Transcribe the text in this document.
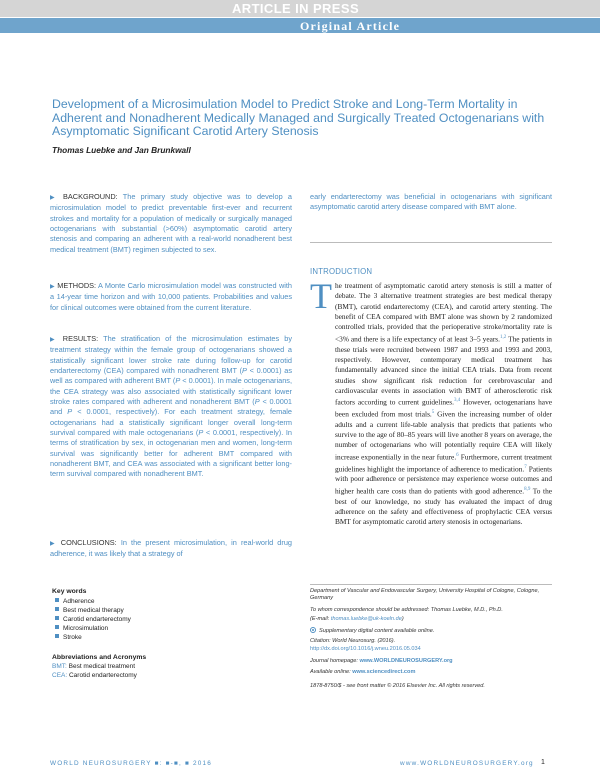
ARTICLE IN PRESS
Original Article
Development of a Microsimulation Model to Predict Stroke and Long-Term Mortality in Adherent and Nonadherent Medically Managed and Surgically Treated Octogenarians with Asymptomatic Significant Carotid Artery Stenosis
Thomas Luebke and Jan Brunkwall
▶ BACKGROUND: The primary study objective was to develop a microsimulation model to predict preventable first-ever and recurrent strokes and mortality for a population of medically or surgically managed octogenarians with substantial (>60%) asymptomatic carotid artery stenosis and comparing an adherent with a real-world nonadherent best medical treatment (BMT) regimen subjected to sex.
▶ METHODS: A Monte Carlo microsimulation model was constructed with a 14-year time horizon and with 10,000 patients. Probabilities and values for clinical outcomes were obtained from the current literature.
▶ RESULTS: The stratification of the microsimulation estimates by treatment strategy within the female group of octogenarians showed a statistically significant lower stroke rate during follow-up for carotid endarterectomy (CEA) compared with nonadherent BMT (P < 0.0001) as well as compared with adherent BMT (P < 0.0001). In male octogenarians, the CEA strategy was also associated with statistically significant lower stroke rates compared with adherent and nonadherent BMT (P < 0.0001 and P < 0.0001, respectively). For each treatment strategy, female octogenarians had a statistically significant longer overall long-term survival compared with male octogenarians (P < 0.0001, respectively). In terms of stratification by sex, in octogenarian men and women, long-term survival was significantly better for adherent BMT compared with nonadherent BMT, and CEA was associated with a significant better long-term survival compared with nonadherent BMT.
▶ CONCLUSIONS: In the present microsimulation, in real-world drug adherence, it was likely that a strategy of
early endarterectomy was beneficial in octogenarians with significant asymptomatic carotid artery disease compared with BMT alone.
INTRODUCTION
T he treatment of asymptomatic carotid artery stenosis is still a matter of debate. The 3 alternative treatment strategies are best medical therapy (BMT), carotid endarterectomy (CEA), and carotid artery stenting. The benefit of CEA compared with BMT alone was shown by 2 randomized controlled trials, provided that the perioperative stroke/mortality rate is <3% and there is a life expectancy of at least 3–5 years.$^{1,2}$ The patients in these trials were recruited between 1987 and 1993 and 1993 and 2003, respectively. However, contemporary medical treatment has fundamentally advanced since the initial CEA trials. Data from recent studies show significant risk reduction for cerebrovascular and cardiovascular events in association with BMT of atherosclerotic risk factors according to current guidelines.$^{3,4}$ However, octogenarians have been excluded from most trials.$^5$ Given the increasing number of older adults and a current life-table analysis that predicts that patients who survive to the age of 80–85 years will live another 8 years on average, the number of octogenarians who will potentially require CEA will likely increase exponentially in the near future.$^6$ Furthermore, current treatment guidelines highlight the importance of adherence to medication.$^7$ Patients with poor adherence or persistence may experience worse outcomes and higher health care costs than do patients with good adherence.$^{8,9}$ To the best of our knowledge, no study has evaluated the impact of drug adherence on the safety and effectiveness of prophylactic CEA versus BMT for asymptomatic carotid artery stenosis in octogenarians.
Key words
Adherence
Best medical therapy
Carotid endarterectomy
Microsimulation
Stroke
Abbreviations and Acronyms
BMT: Best medical treatment
CEA: Carotid endarterectomy
Department of Vascular and Endovascular Surgery, University Hospital of Cologne, Cologne, Germany
To whom correspondence should be addressed: Thomas Luebke, M.D., Ph.D.
(E-mail: thomas.luebke@uk-koeln.de)
Supplementary digital content available online.
Citation: World Neurosurg. (2016).
http://dx.doi.org/10.1016/j.wneu.2016.05.034
Journal homepage: www.WORLDNEUROSURGERY.org
Available online: www.sciencedirect.com
1878-8750/$ - see front matter © 2016 Elsevier Inc. All rights reserved.
WORLD NEUROSURGERY ■: ■-■, ■ 2016	www.WORLDNEUROSURGERY.org 1
